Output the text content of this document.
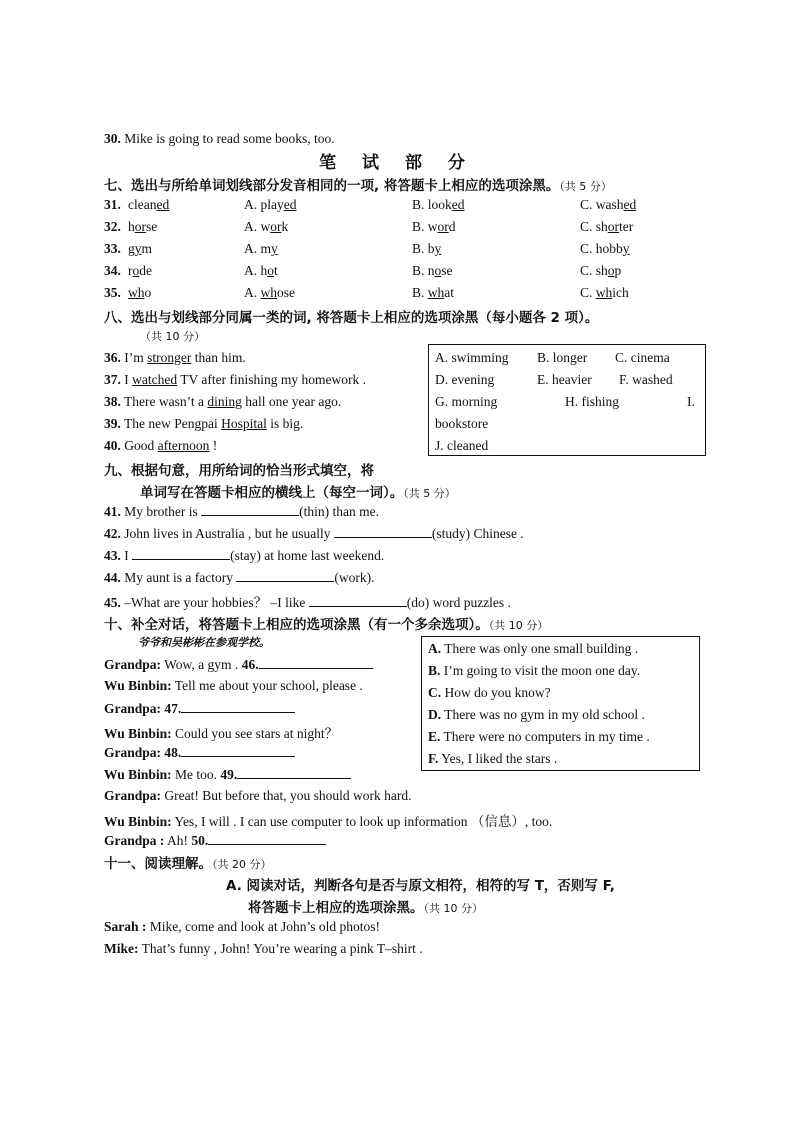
30. Mike is going to read some books, too.
笔 试 部 分
七、选出与所给单词划线部分发音相同的一项, 将答题卡上相应的选项涂黑。（共 5 分）
31. cleaned	A. played	B. looked	C. washed
32. horse	A. work	B. word	C. shorter
33. gym	A. my	B. by	C. hobby
34. rode	A. hot	B. nose	C. shop
35. who	A. whose	B. what	C. which
八、选出与划线部分同属一类的词, 将答题卡上相应的选项涂黑（每小题各 2 项）。
（共 10 分）
36. I’m stronger than him.
37. I watched TV after finishing my homework .
38. There wasn’t a dining hall one year ago.
39. The new Pengpai Hospital is big.
40. Good afternoon !
A. swimming B. longer C. cinema
D. evening	E. heavier F. washed
G. morning	H. fishing	I.
bookstore
J. cleaned
九、根据句意，用所给词的恰当形式填空，将
单词写在答题卡相应的横线上（每空一词）。（共 5 分）
41. My brother is	(thin) than me.
42. John lives in Australia , but he usually	(study) Chinese .
43. I	(stay) at home last weekend.
44. My aunt is a factory	(work).
45. –What are your hobbies？ –I like	(do) word puzzles .
十、补全对话，将答题卡上相应的选项涂黑（有一个多余选项）。（共 10 分）
爷爷和吴彬彬在参观学校。
Grandpa: Wow, a gym . 46.
Wu Binbin: Tell me about your school, please .
Grandpa: 47.
Wu Binbin: Could you see stars at night？
Grandpa: 48.
Wu Binbin: Me too. 49.
Grandpa: Great! But before that, you should work hard.
Wu Binbin: Yes, I will . I can use computer to look up information （信息）, too.
Grandpa : Ah! 50.
A. There was only one small building .
B. I’m going to visit the moon one day.
C. How do you know?
D. There was no gym in my old school .
E. There were no computers in my time .
F. Yes, I liked the stars .
十一、阅读理解。（共 20 分）
A. 阅读对话，判断各句是否与原文相符，相符的写 T，否则写 F,
将答题卡上相应的选项涂黑。（共 10 分）
Sarah : Mike, come and look at John’s old photos!
Mike: That’s funny , John! You’re wearing a pink T–shirt .
